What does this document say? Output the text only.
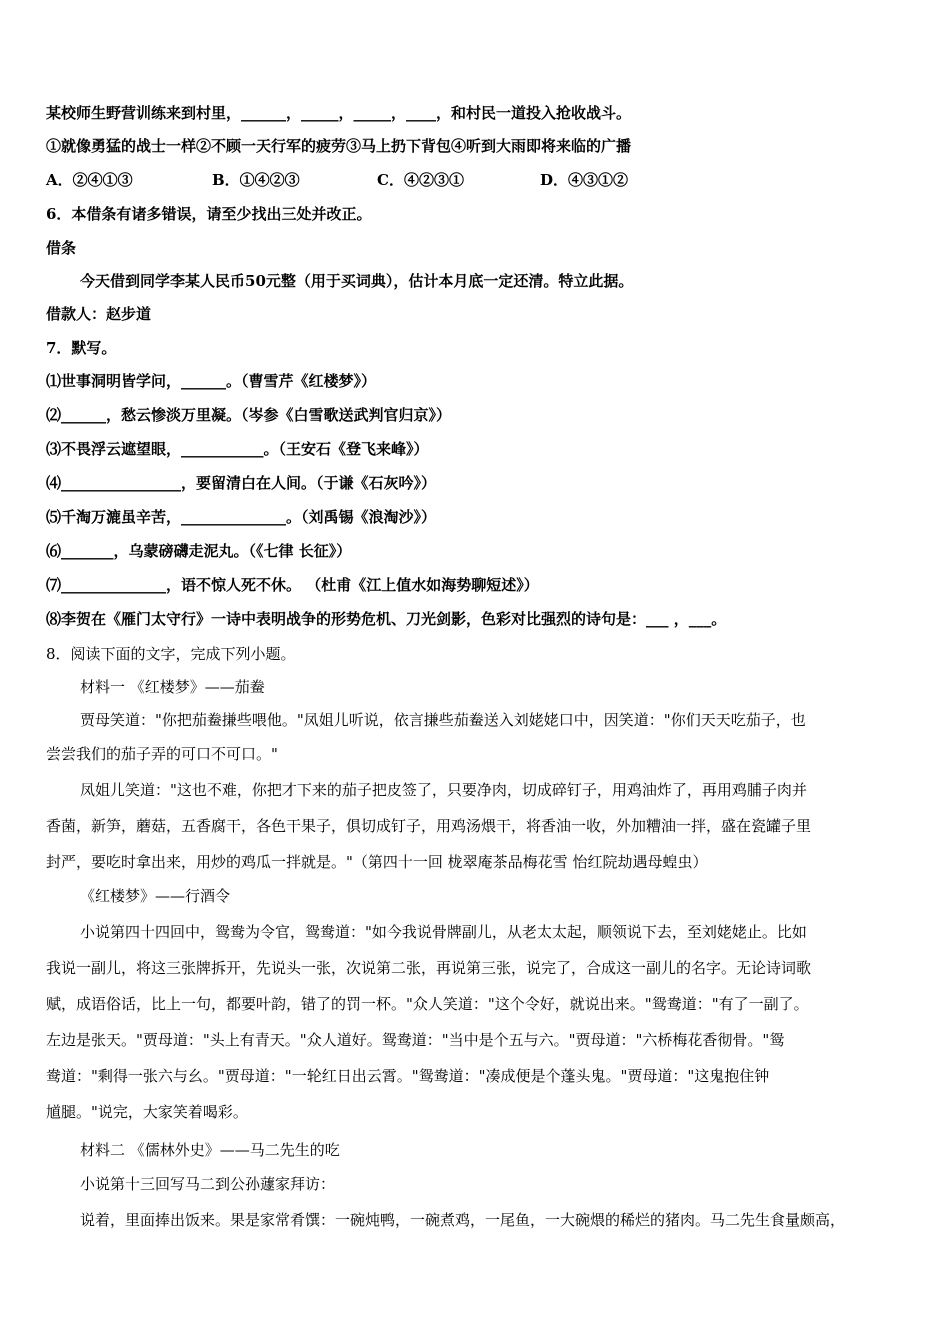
某校师生野营训练来到村里，______，_____，_____，____，和村民一道投入抢收战斗。
①就像勇猛的战士一样②不顾一天行军的疲劳③马上扔下背包④听到大雨即将来临的广播
A．②④①③	B．①④②③	C．④②③①	D．④③①②
6．本借条有诸多错误，请至少找出三处并改正。
借条
今天借到同学李某人民币50元整（用于买词典），估计本月底一定还清。特立此据。
借款人：赵步道
7．默写。
⑴世事洞明皆学问，______。（曹雪芹《红楼梦》）
⑵______，愁云惨淡万里凝。（岑参《白雪歌送武判官归京》）
⑶不畏浮云遮望眼，___________。（王安石《登飞来峰》）
⑷________________，要留清白在人间。（于谦《石灰吟》）
⑸千淘万漉虽辛苦，______________。（刘禹锡《浪淘沙》）
⑹_______，乌蒙磅礴走泥丸。（《七律 长征》）
⑺______________，语不惊人死不休。 （杜甫《江上值水如海势聊短述》）
⑻李贺在《雁门太守行》一诗中表明战争的形势危机、刀光剑影，色彩对比强烈的诗句是：___ ，___。
8．阅读下面的文字，完成下列小题。
材料一 《红楼梦》——茄鲞
贾母笑道："你把茄鲞搛些喂他。"凤姐儿听说，依言搛些茄鲞送入刘姥姥口中，因笑道："你们天天吃茄子，也
尝尝我们的茄子弄的可口不可口。"
凤姐儿笑道："这也不难，你把才下来的茄子把皮签了，只要净肉，切成碎钉子，用鸡油炸了，再用鸡脯子肉并
香菌，新笋，蘑菇，五香腐干，各色干果子，俱切成钉子，用鸡汤煨干，将香油一收，外加糟油一拌，盛在瓷罐子里
封严，要吃时拿出来，用炒的鸡瓜一拌就是。"（第四十一回 栊翠庵茶品梅花雪 怡红院劫遇母蝗虫）
《红楼梦》——行酒令
小说第四十四回中，鸳鸯为令官，鸳鸯道："如今我说骨牌副儿，从老太太起，顺领说下去，至刘姥姥止。比如
我说一副儿，将这三张牌拆开，先说头一张，次说第二张，再说第三张，说完了，合成这一副儿的名字。无论诗词歌
赋，成语俗话，比上一句，都要叶韵，错了的罚一杯。"众人笑道："这个令好，就说出来。"鸳鸯道："有了一副了。
左边是张天。"贾母道："头上有青天。"众人道好。鸳鸯道："当中是个五与六。"贾母道："六桥梅花香彻骨。"鸳
鸯道："剩得一张六与幺。"贾母道："一轮红日出云霄。"鸳鸯道："凑成便是个蓬头鬼。"贾母道："这鬼抱住钟
馗腿。"说完，大家笑着喝彩。
材料二 《儒林外史》——马二先生的吃
小说第十三回写马二到公孙蘧家拜访：
说着，里面捧出饭来。果是家常肴馔：一碗炖鸭，一碗煮鸡，一尾鱼，一大碗煨的稀烂的猪肉。马二先生食量颇高，
